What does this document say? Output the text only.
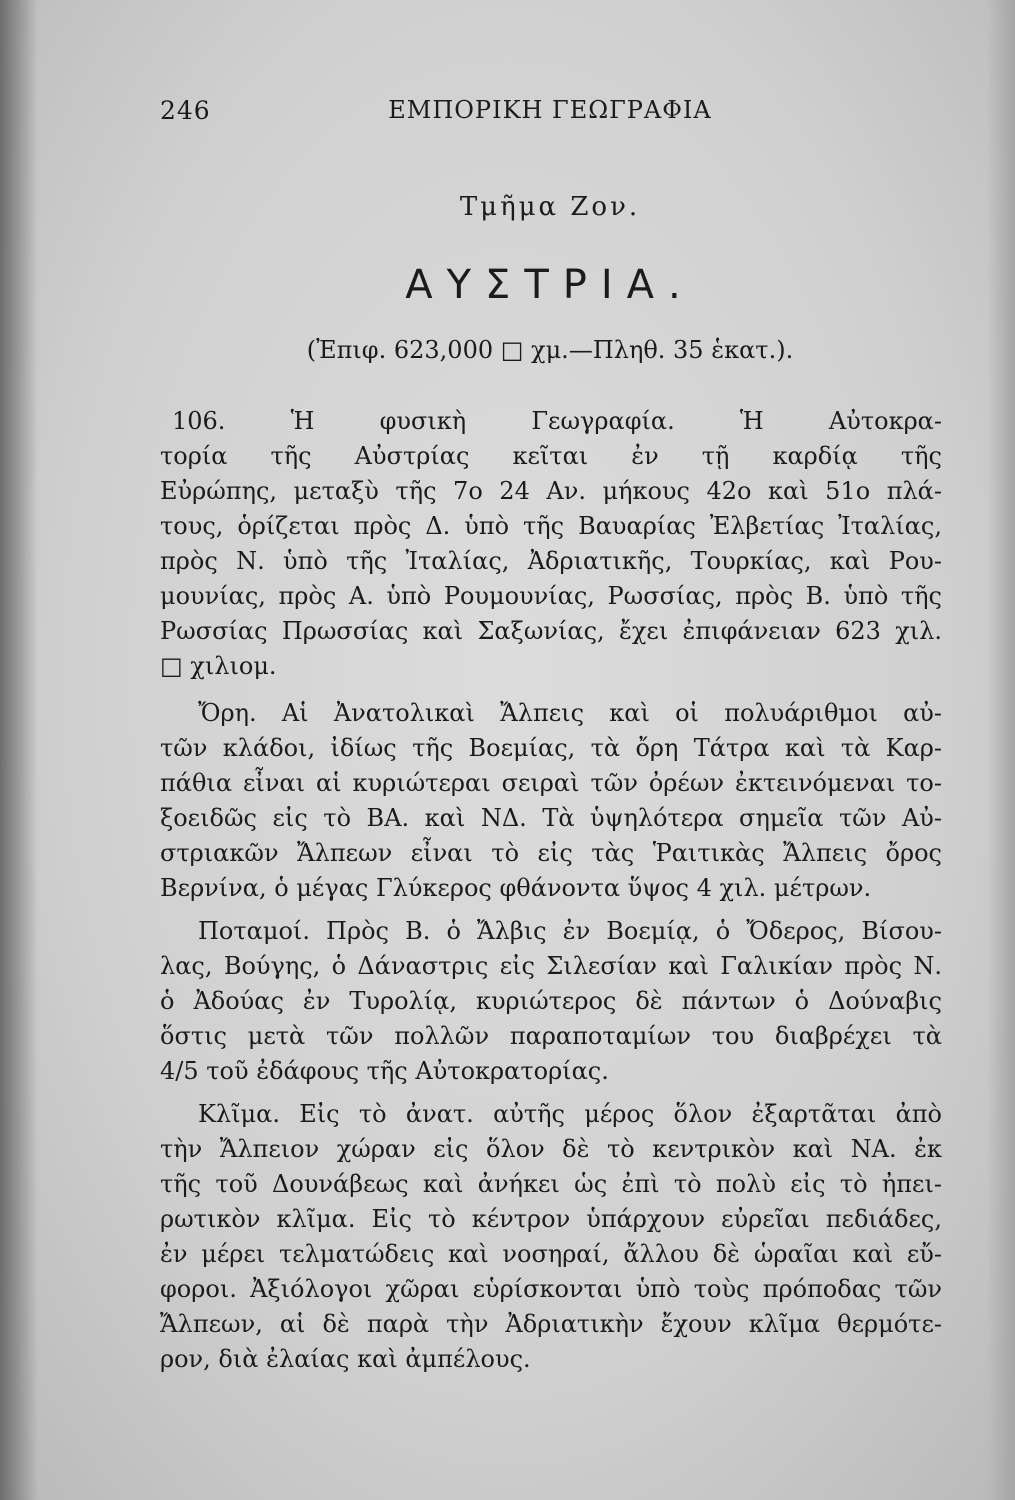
246	ΕΜΠΟΡΙΚΗ ΓΕΩΓΡΑΦΙΑ
Τμῆμα Ζον.
ΑΥΣΤΡΙΑ.
(Ἐπιφ. 623,000 □ χμ.—Πληθ. 35 ἑκατ.).
106. Ἡ φυσικὴ Γεωγραφία. Ἡ Αὐτοκρα-
τορία τῆς Αὐστρίας κεῖται ἐν τῇ καρδίᾳ τῆς
Εὐρώπης, μεταξὺ τῆς 7ο 24 Αν. μήκους 42ο καὶ 51ο πλά-
τους, ὁρίζεται πρὸς Δ. ὑπὸ τῆς Βαυαρίας Ἐλβετίας Ἰταλίας,
πρὸς Ν. ὑπὸ τῆς Ἰταλίας, Ἀδριατικῆς, Τουρκίας, καὶ Ρου-
μουνίας, πρὸς Α. ὑπὸ Ρουμουνίας, Ρωσσίας, πρὸς Β. ὑπὸ τῆς
Ρωσσίας Πρωσσίας καὶ Σαξωνίας, ἔχει ἐπιφάνειαν 623 χιλ.
□ χιλιομ.
Ὄρη. Αἱ Ἀνατολικαὶ Ἄλπεις καὶ οἱ πολυάριθμοι αὐ-
τῶν κλάδοι, ἰδίως τῆς Βοεμίας, τὰ ὄρη Τάτρα καὶ τὰ Καρ-
πάθια εἶναι αἱ κυριώτεραι σειραὶ τῶν ὀρέων ἐκτεινόμεναι το-
ξοειδῶς εἰς τὸ ΒΑ. καὶ ΝΔ. Τὰ ὑψηλότερα σημεῖα τῶν Αὐ-
στριακῶν Ἄλπεων εἶναι τὸ εἰς τὰς Ῥαιτικὰς Ἄλπεις ὄρος
Βερνίνα, ὁ μέγας Γλύκερος φθάνοντα ὕψος 4 χιλ. μέτρων.
Ποταμοί. Πρὸς Β. ὁ Ἄλβις ἐν Βοεμίᾳ, ὁ Ὄδερος, Βίσου-
λας, Βούγης, ὁ Δάναστρις εἰς Σιλεσίαν καὶ Γαλικίαν πρὸς Ν.
ὁ Ἀδούας ἐν Τυρολίᾳ, κυριώτερος δὲ πάντων ὁ Δούναβις
ὅστις μετὰ τῶν πολλῶν παραποταμίων του διαβρέχει τὰ
4/5 τοῦ ἐδάφους τῆς Αὐτοκρατορίας.
Κλῖμα. Εἰς τὸ ἀνατ. αὐτῆς μέρος ὅλον ἐξαρτᾶται ἀπὸ
τὴν Ἄλπειον χώραν εἰς ὅλον δὲ τὸ κεντρικὸν καὶ ΝΑ. ἐκ
τῆς τοῦ Δουνάβεως καὶ ἀνήκει ὡς ἐπὶ τὸ πολὺ εἰς τὸ ἠπει-
ρωτικὸν κλῖμα. Εἰς τὸ κέντρον ὑπάρχουν εὐρεῖαι πεδιάδες,
ἐν μέρει τελματώδεις καὶ νοσηραί, ἄλλου δὲ ὡραῖαι καὶ εὔ-
φοροι. Ἀξιόλογοι χῶραι εὑρίσκονται ὑπὸ τοὺς πρόποδας τῶν
Ἄλπεων, αἱ δὲ παρὰ τὴν Ἀδριατικὴν ἔχουν κλῖμα θερμότε-
ρον, διὰ ἐλαίας καὶ ἀμπέλους.
